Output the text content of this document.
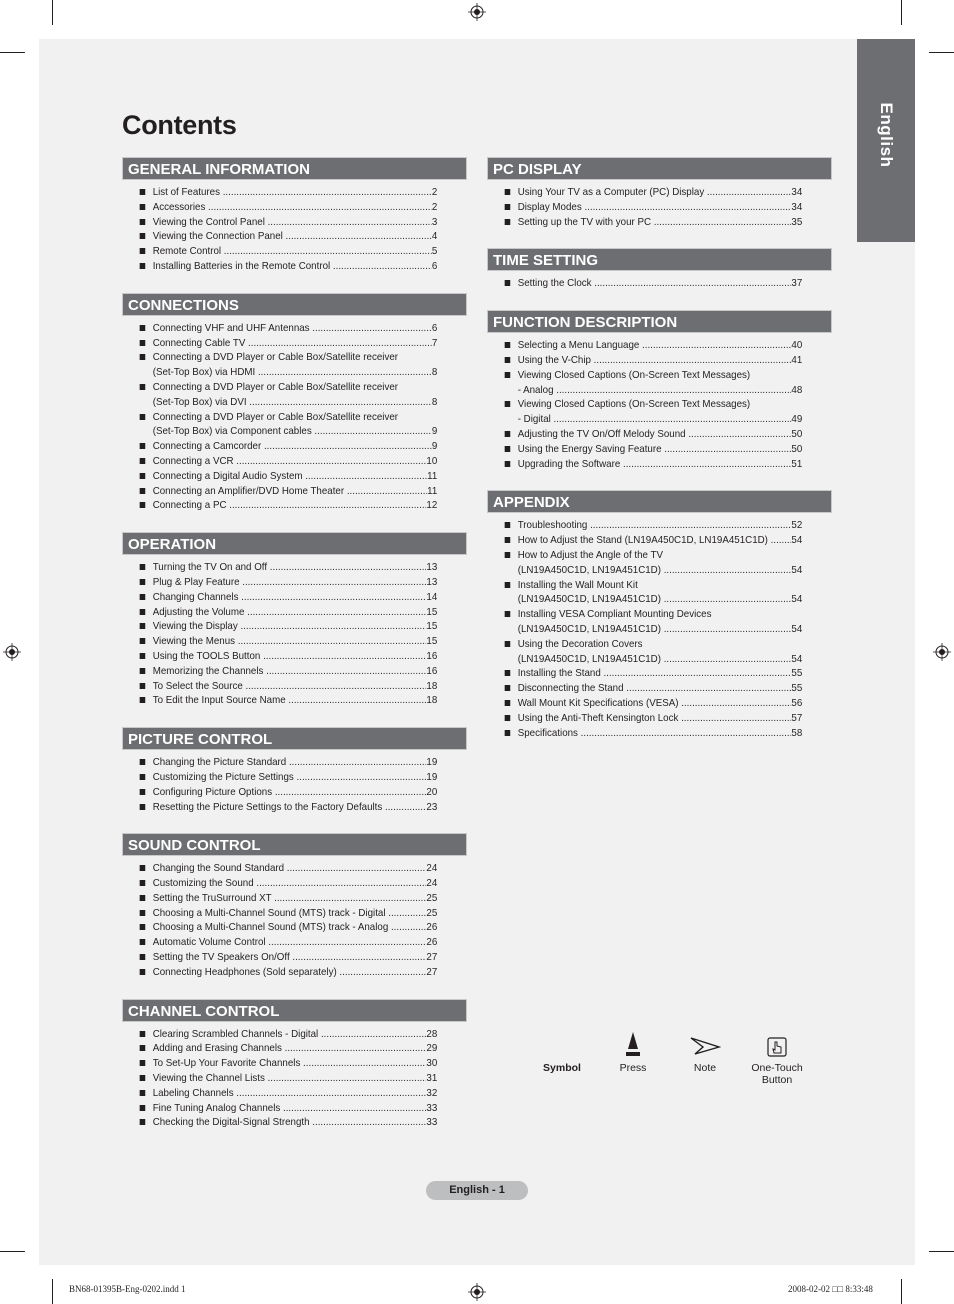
English
Contents
GENERAL INFORMATION
List of Features .....	2
Accessories .....	2
Viewing the Control Panel .....	3
Viewing the Connection Panel .....	4
Remote Control .....	5
Installing Batteries in the Remote Control .....	6
CONNECTIONS
Connecting VHF and UHF Antennas .....	6
Connecting Cable TV .....	7
Connecting a DVD Player or Cable Box/Satellite receiver
(Set-Top Box) via HDMI .....	8
Connecting a DVD Player or Cable Box/Satellite receiver
(Set-Top Box) via DVI .....	8
Connecting a DVD Player or Cable Box/Satellite receiver
(Set-Top Box) via Component cables .....	9
Connecting a Camcorder .....	9
Connecting a VCR .....	10
Connecting a Digital Audio System .....	11
Connecting an Amplifier/DVD Home Theater .....	11
Connecting a PC .....	12
OPERATION
Turning the TV On and Off .....	13
Plug & Play Feature .....	13
Changing Channels .....	14
Adjusting the Volume .....	15
Viewing the Display .....	15
Viewing the Menus .....	15
Using the TOOLS Button .....	16
Memorizing the Channels .....	16
To Select the Source .....	18
To Edit the Input Source Name .....	18
PICTURE CONTROL
Changing the Picture Standard .....	19
Customizing the Picture Settings .....	19
Configuring Picture Options .....	20
Resetting the Picture Settings to the Factory Defaults .....	23
SOUND CONTROL
Changing the Sound Standard .....	24
Customizing the Sound .....	24
Setting the TruSurround XT .....	25
Choosing a Multi-Channel Sound (MTS) track - Digital .....	25
Choosing a Multi-Channel Sound (MTS) track - Analog .....	26
Automatic Volume Control .....	26
Setting the TV Speakers On/Off .....	27
Connecting Headphones (Sold separately) .....	27
CHANNEL CONTROL
Clearing Scrambled Channels - Digital .....	28
Adding and Erasing Channels .....	29
To Set-Up Your Favorite Channels .....	30
Viewing the Channel Lists .....	31
Labeling Channels .....	32
Fine Tuning Analog Channels .....	33
Checking the Digital-Signal Strength .....	33
PC DISPLAY
Using Your TV as a Computer (PC) Display .....	34
Display Modes .....	34
Setting up the TV with your PC .....	35
TIME SETTING
Setting the Clock .....	37
FUNCTION DESCRIPTION
Selecting a Menu Language .....	40
Using the V-Chip .....	41
Viewing Closed Captions (On-Screen Text Messages)
- Analog .....	48
Viewing Closed Captions (On-Screen Text Messages)
- Digital .....	49
Adjusting the TV On/Off Melody Sound .....	50
Using the Energy Saving Feature .....	50
Upgrading the Software .....	51
APPENDIX
Troubleshooting .....	52
How to Adjust the Stand (LN19A450C1D, LN19A451C1D) .....	54
How to Adjust the Angle of the TV
(LN19A450C1D, LN19A451C1D) .....	54
Installing the Wall Mount Kit
(LN19A450C1D, LN19A451C1D) .....	54
Installing VESA Compliant Mounting Devices
(LN19A450C1D, LN19A451C1D) .....	54
Using the Decoration Covers
(LN19A450C1D, LN19A451C1D) .....	54
Installing the Stand .....	55
Disconnecting the Stand .....	55
Wall Mount Kit Specifications (VESA) .....	56
Using the Anti-Theft Kensington Lock .....	57
Specifications .....	58
Symbol	Press	Note	One-Touch
Button
English - 1
BN68-01395B-Eng-0202.indd 1	2008-02-02 □□ 8:33:48
